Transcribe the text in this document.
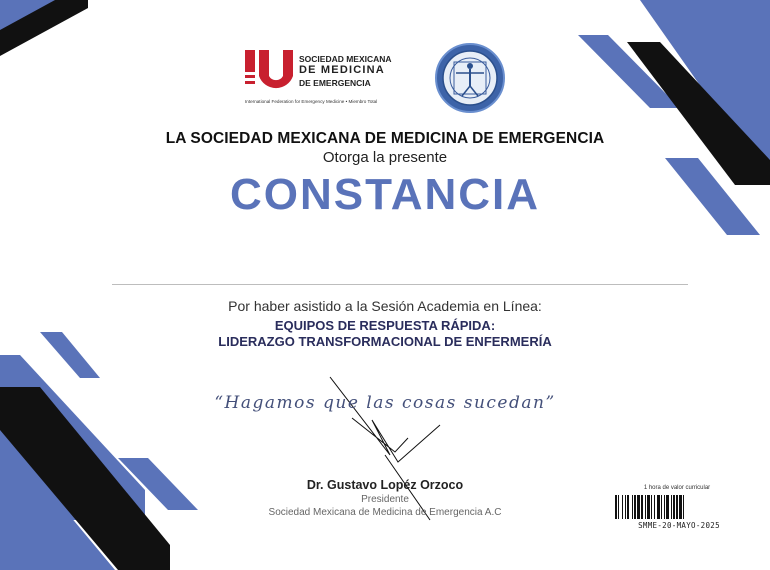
SOCIEDAD MEXICANA
DE MEDICINA
DE EMERGENCIA
International Federation for Emergency Medicine • Miembro Total
LA SOCIEDAD MEXICANA DE MEDICINA DE EMERGENCIA
Otorga la presente
CONSTANCIA
Por haber asistido a la Sesión Academia en Línea:
EQUIPOS DE RESPUESTA RÁPIDA:
LIDERAZGO TRANSFORMACIONAL DE ENFERMERÍA
“Hagamos que las cosas sucedan”
Dr. Gustavo Lopéz Orzoco
Presidente
Sociedad Mexicana de Medicina de Emergencia A.C
1 hora de valor curricular
SMME-20-MAYO-2025
